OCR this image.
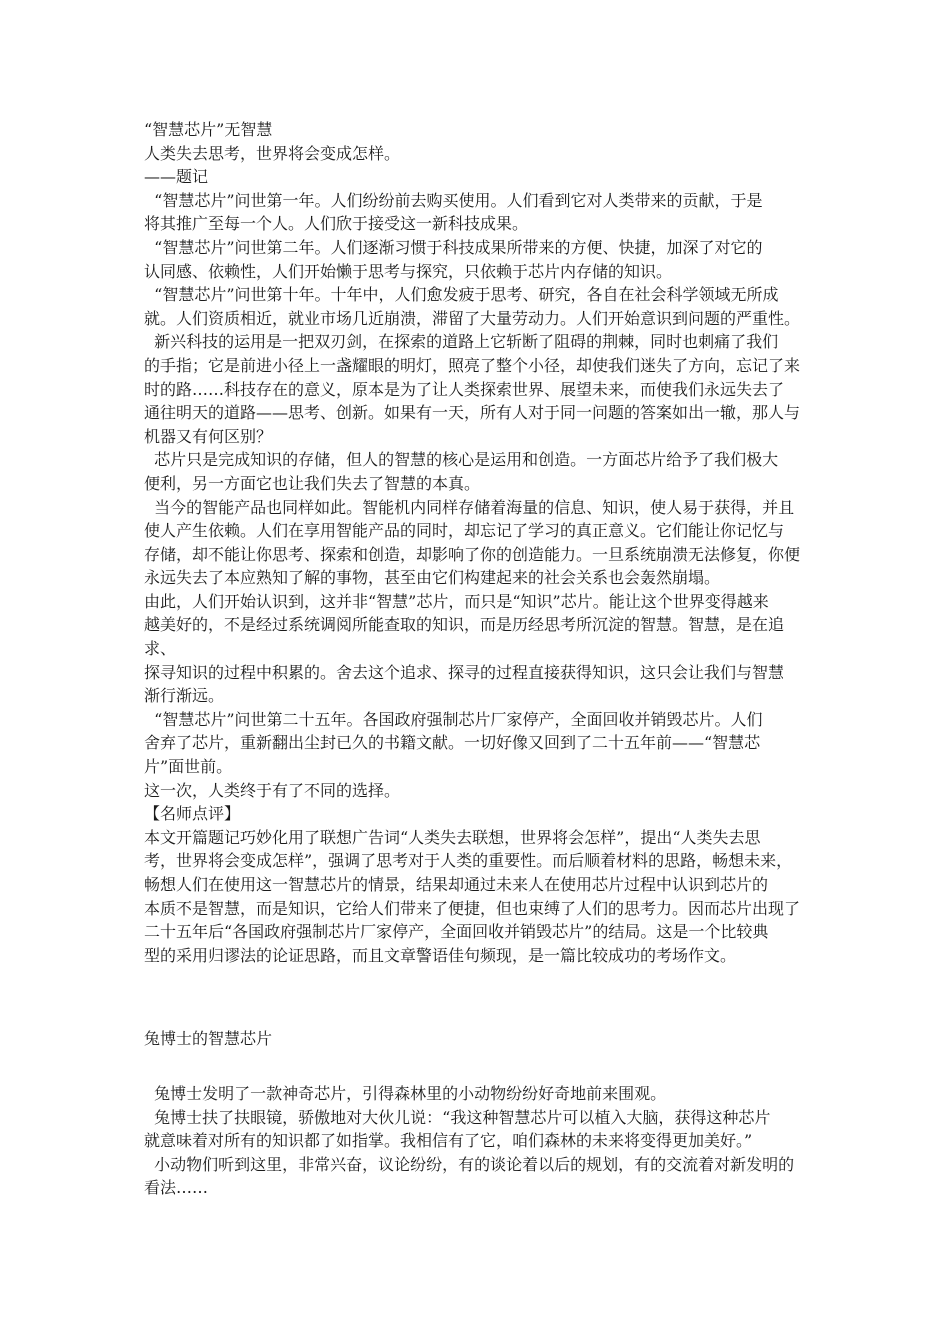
“智慧芯片”无智慧

人类失去思考，世界将会变成怎样。

——题记

“智慧芯片”问世第一年。人们纷纷前去购买使用。人们看到它对人类带来的贡献，于是

将其推广至每一个人。人们欣于接受这一新科技成果。

“智慧芯片”问世第二年。人们逐渐习惯于科技成果所带来的方便、快捷，加深了对它的

认同感、依赖性，人们开始懒于思考与探究，只依赖于芯片内存储的知识。

“智慧芯片”问世第十年。十年中，人们愈发疲于思考、研究，各自在社会科学领域无所成

就。人们资质相近，就业市场几近崩溃，滞留了大量劳动力。人们开始意识到问题的严重性。

新兴科技的运用是一把双刃剑，在探索的道路上它斩断了阻碍的荆棘，同时也刺痛了我们

的手指；它是前进小径上一盏耀眼的明灯，照亮了整个小径，却使我们迷失了方向，忘记了来

时的路……科技存在的意义，原本是为了让人类探索世界、展望未来，而使我们永远失去了

通往明天的道路——思考、创新。如果有一天，所有人对于同一问题的答案如出一辙，那人与

机器又有何区别？

芯片只是完成知识的存储，但人的智慧的核心是运用和创造。一方面芯片给予了我们极大

便利，另一方面它也让我们失去了智慧的本真。

当今的智能产品也同样如此。智能机内同样存储着海量的信息、知识，使人易于获得，并且

使人产生依赖。人们在享用智能产品的同时，却忘记了学习的真正意义。它们能让你记忆与

存储，却不能让你思考、探索和创造，却影响了你的创造能力。一旦系统崩溃无法修复，你便

永远失去了本应熟知了解的事物，甚至由它们构建起来的社会关系也会轰然崩塌。

由此，人们开始认识到，这并非“智慧”芯片，而只是“知识”芯片。能让这个世界变得越来

越美好的，不是经过系统调阅所能查取的知识，而是历经思考所沉淀的智慧。智慧，是在追求、

探寻知识的过程中积累的。舍去这个追求、探寻的过程直接获得知识，这只会让我们与智慧

渐行渐远。

“智慧芯片”问世第二十五年。各国政府强制芯片厂家停产，全面回收并销毁芯片。人们

舍弃了芯片，重新翻出尘封已久的书籍文献。一切好像又回到了二十五年前——“智慧芯

片”面世前。

这一次，人类终于有了不同的选择。

【名师点评】

本文开篇题记巧妙化用了联想广告词“人类失去联想，世界将会怎样”，提出“人类失去思

考，世界将会变成怎样”，强调了思考对于人类的重要性。而后顺着材料的思路，畅想未来，

畅想人们在使用这一智慧芯片的情景，结果却通过未来人在使用芯片过程中认识到芯片的

本质不是智慧，而是知识，它给人们带来了便捷，但也束缚了人们的思考力。因而芯片出现了

二十五年后“各国政府强制芯片厂家停产，全面回收并销毁芯片”的结局。这是一个比较典

型的采用归谬法的论证思路，而且文章警语佳句频现，是一篇比较成功的考场作文。

兔博士的智慧芯片

兔博士发明了一款神奇芯片，引得森林里的小动物纷纷好奇地前来围观。

兔博士扶了扶眼镜，骄傲地对大伙儿说：“我这种智慧芯片可以植入大脑，获得这种芯片

就意味着对所有的知识都了如指掌。我相信有了它，咱们森林的未来将变得更加美好。”

小动物们听到这里，非常兴奋，议论纷纷，有的谈论着以后的规划，有的交流着对新发明的

看法……
